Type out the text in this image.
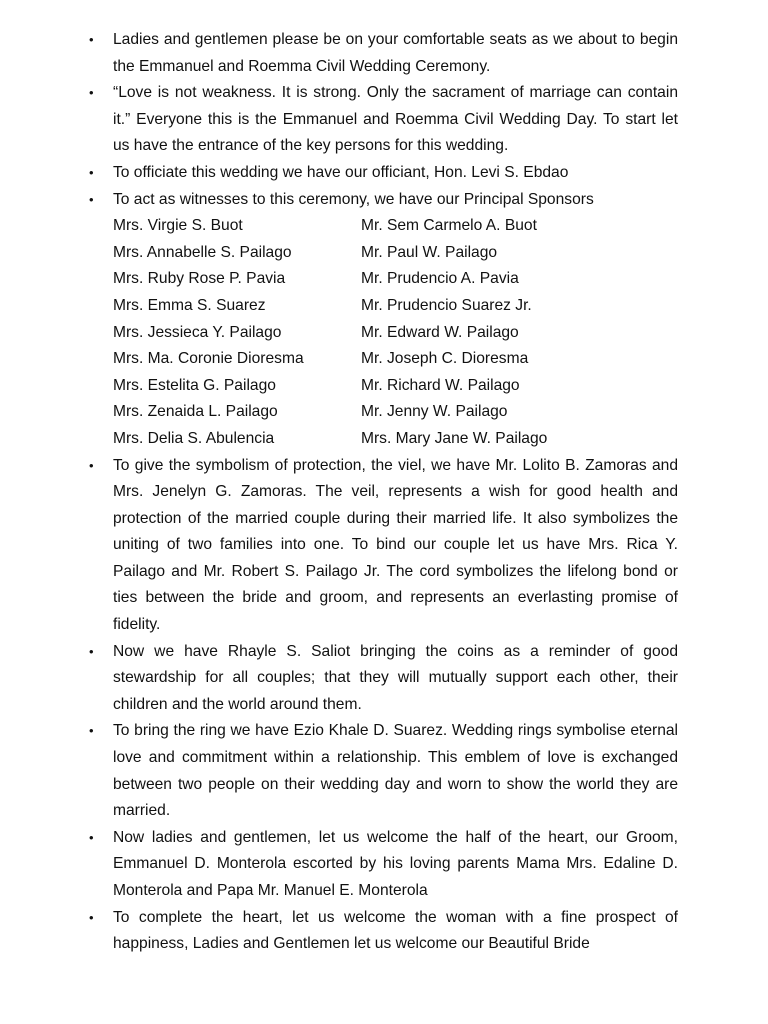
• Ladies and gentlemen please be on your comfortable seats as we about to begin the Emmanuel and Roemma Civil Wedding Ceremony.
• “Love is not weakness. It is strong. Only the sacrament of marriage can contain it.” Everyone this is the Emmanuel and Roemma Civil Wedding Day. To start let us have the entrance of the key persons for this wedding.
• To officiate this wedding we have our officiant, Hon. Levi S. Ebdao
• To act as witnesses to this ceremony, we have our Principal Sponsors
Mrs. Virgie S. Buot	Mr. Sem Carmelo A. Buot
Mrs. Annabelle S. Pailago	Mr. Paul W. Pailago
Mrs. Ruby Rose P. Pavia	Mr. Prudencio A. Pavia
Mrs. Emma S. Suarez	Mr. Prudencio Suarez Jr.
Mrs. Jessieca Y. Pailago	Mr. Edward W. Pailago
Mrs. Ma. Coronie Dioresma	Mr. Joseph C. Dioresma
Mrs. Estelita G. Pailago	Mr. Richard W. Pailago
Mrs. Zenaida L. Pailago	Mr. Jenny W. Pailago
Mrs. Delia S. Abulencia	Mrs. Mary Jane W. Pailago
• To give the symbolism of protection, the viel, we have Mr. Lolito B. Zamoras and Mrs. Jenelyn G. Zamoras. The veil, represents a wish for good health and protection of the married couple during their married life. It also symbolizes the uniting of two families into one. To bind our couple let us have Mrs. Rica Y. Pailago and Mr. Robert S. Pailago Jr. The cord symbolizes the lifelong bond or ties between the bride and groom, and represents an everlasting promise of fidelity.
• Now we have Rhayle S. Saliot bringing the coins as a reminder of good stewardship for all couples; that they will mutually support each other, their children and the world around them.
• To bring the ring we have Ezio Khale D. Suarez. Wedding rings symbolise eternal love and commitment within a relationship. This emblem of love is exchanged between two people on their wedding day and worn to show the world they are married.
• Now ladies and gentlemen, let us welcome the half of the heart, our Groom, Emmanuel D. Monterola escorted by his loving parents Mama Mrs. Edaline D. Monterola and Papa Mr. Manuel E. Monterola
• To complete the heart, let us welcome the woman with a fine prospect of happiness, Ladies and Gentlemen let us welcome our Beautiful Bride
